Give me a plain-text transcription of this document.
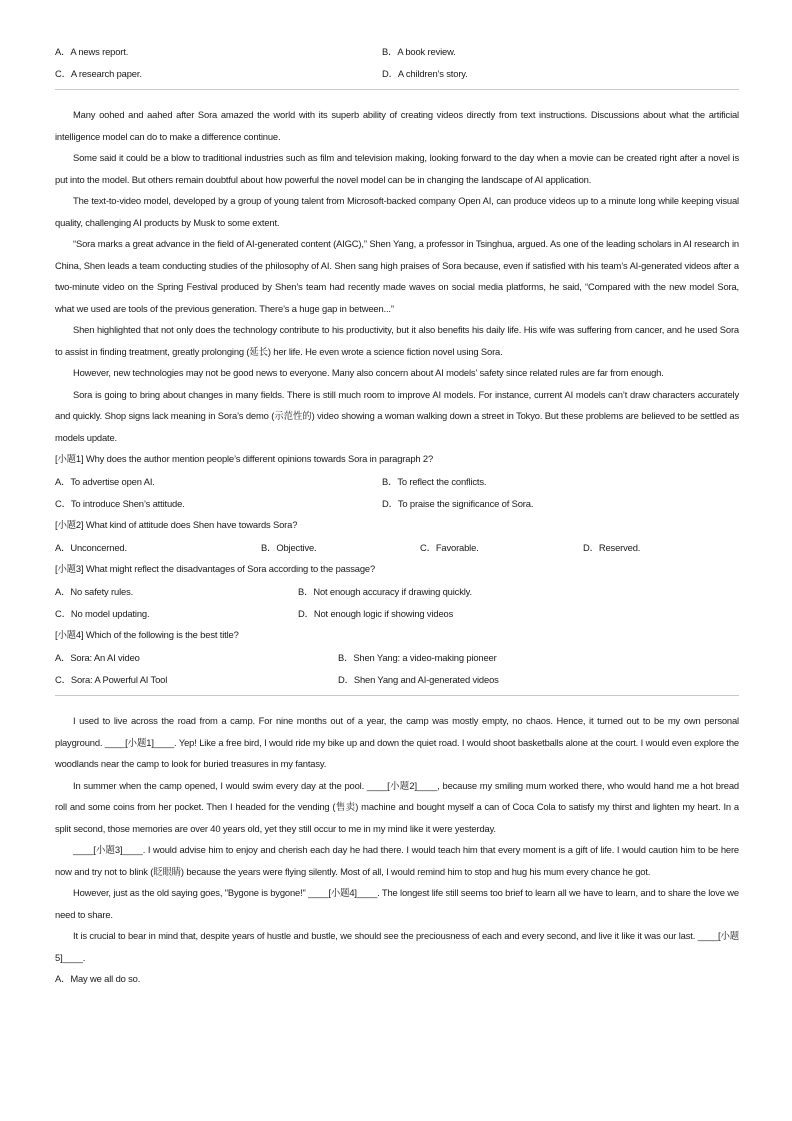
A．A news report.	B．A book review.
C．A research paper.	D．A children’s story.

Many oohed and aahed after Sora amazed the world with its superb ability of creating videos directly from text instructions. Discussions about what the artificial intelligence model can do to make a difference continue.

Some said it could be a blow to traditional industries such as film and television making, looking forward to the day when a movie can be created right after a novel is put into the model. But others remain doubtful about how powerful the novel model can be in changing the landscape of AI application.

The text-to-video model, developed by a group of young talent from Microsoft-backed company Open AI, can produce videos up to a minute long while keeping visual quality, challenging AI products by Musk to some extent.

“Sora marks a great advance in the field of AI-generated content (AIGC),” Shen Yang, a professor in Tsinghua, argued. As one of the leading scholars in AI research in China, Shen leads a team conducting studies of the philosophy of AI. Shen sang high praises of Sora because, even if satisfied with his team’s AI-generated videos after a two-minute video on the Spring Festival produced by Shen’s team had recently made waves on social media platforms, he said, “Compared with the new model Sora, what we used are tools of the previous generation. There’s a huge gap in between...”

Shen highlighted that not only does the technology contribute to his productivity, but it also benefits his daily life. His wife was suffering from cancer, and he used Sora to assist in finding treatment, greatly prolonging (延长) her life. He even wrote a science fiction novel using Sora.

However, new technologies may not be good news to everyone. Many also concern about AI models’ safety since related rules are far from enough.

Sora is going to bring about changes in many fields. There is still much room to improve AI models. For instance, current AI models can’t draw characters accurately and quickly. Shop signs lack meaning in Sora’s demo (示范性的) video showing a woman walking down a street in Tokyo. But these problems are believed to be settled as models update.

[小题1] Why does the author mention people’s different opinions towards Sora in paragraph 2?
A．To advertise open AI.	B．To reflect the conflicts.
C．To introduce Shen’s attitude.	D．To praise the significance of Sora.
[小题2] What kind of attitude does Shen have towards Sora?
A．Unconcerned.	B．Objective.	C．Favorable.	D．Reserved.
[小题3] What might reflect the disadvantages of Sora according to the passage?
A．No safety rules.	B．Not enough accuracy if drawing quickly.
C．No model updating.	D．Not enough logic if showing videos
[小题4] Which of the following is the best title?
A．Sora: An AI video	B．Shen Yang: a video-making pioneer
C．Sora: A Powerful AI Tool	D．Shen Yang and AI-generated videos

I used to live across the road from a camp. For nine months out of a year, the camp was mostly empty, no chaos. Hence, it turned out to be my own personal playground. ____[小题1]____. Yep! Like a free bird, I would ride my bike up and down the quiet road. I would shoot basketballs alone at the court. I would even explore the woodlands near the camp to look for buried treasures in my fantasy.

In summer when the camp opened, I would swim every day at the pool. ____[小题2]____, because my smiling mum worked there, who would hand me a hot bread roll and some coins from her pocket. Then I headed for the vending (售卖) machine and bought myself a can of Coca Cola to satisfy my thirst and lighten my heart. In a split second, those memories are over 40 years old, yet they still occur to me in my mind like it were yesterday.

____[小题3]____. I would advise him to enjoy and cherish each day he had there. I would teach him that every moment is a gift of life. I would caution him to be here now and try not to blink (眨眼睛) because the years were flying silently. Most of all, I would remind him to stop and hug his mum every chance he got.

However, just as the old saying goes, "Bygone is bygone!" ____[小题4]____. The longest life still seems too brief to learn all we have to learn, and to share the love we need to share.

It is crucial to bear in mind that, despite years of hustle and bustle, we should see the preciousness of each and every second, and live it like it was our last. ____[小题5]____.

A．May we all do so.
